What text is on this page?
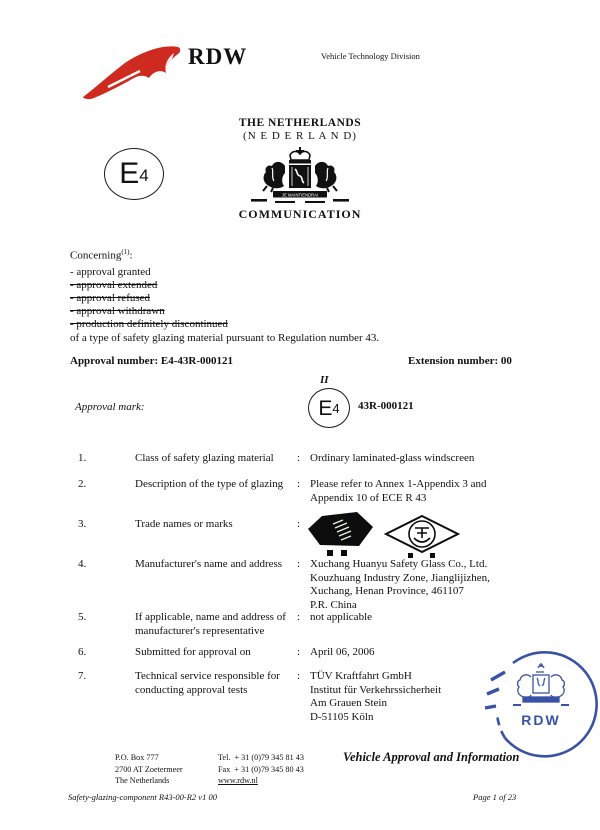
RDW	Vehicle Technology Division
THE NETHERLANDS
(N E D E R L A N D)
JE MAINTIENDRAI
COMMUNICATION
E 4
Concerning$^{(1)}$:
- approval granted
- approval extended
- approval refused
- approval withdrawn
- production definitely discontinued
of a type of safety glazing material pursuant to Regulation number 43.
Approval number: E4-43R-000121	Extension number: 00
Approval mark:
II
E 4 43R-000121
1.	Class of safety glazing material	: Ordinary laminated-glass windscreen
2.	Description of the type of glazing	: Please refer to Annex 1-Appendix 3 and
Appendix 10 of ECE R 43
3.	Trade names or marks	:
4.	Manufacturer's name and address	: Xuchang Huanyu Safety Glass Co., Ltd.
Kouzhuang Industry Zone, Jianglijizhen,
Xuchang, Henan Province, 461107
P.R. China
5.	If applicable, name and address of
manufacturer's representative
: not applicable
6.	Submitted for approval on	: April 06, 2006
7.	Technical service responsible for
conducting approval tests
: TÜV Kraftfahrt GmbH
Institut für Verkehrssicherheit
Am Grauen Stein
D-51105 Köln	RDW
P.O. Box 777
2700 AT Zoetermeer
The Netherlands
Tel. + 31 (0)79 345 81 43
Fax + 31 (0)79 345 80 43
www.rdw.nl
Vehicle Approval and Information
Safety-glazing-component R43-00-R2 v1 00	Page 1 of 23
